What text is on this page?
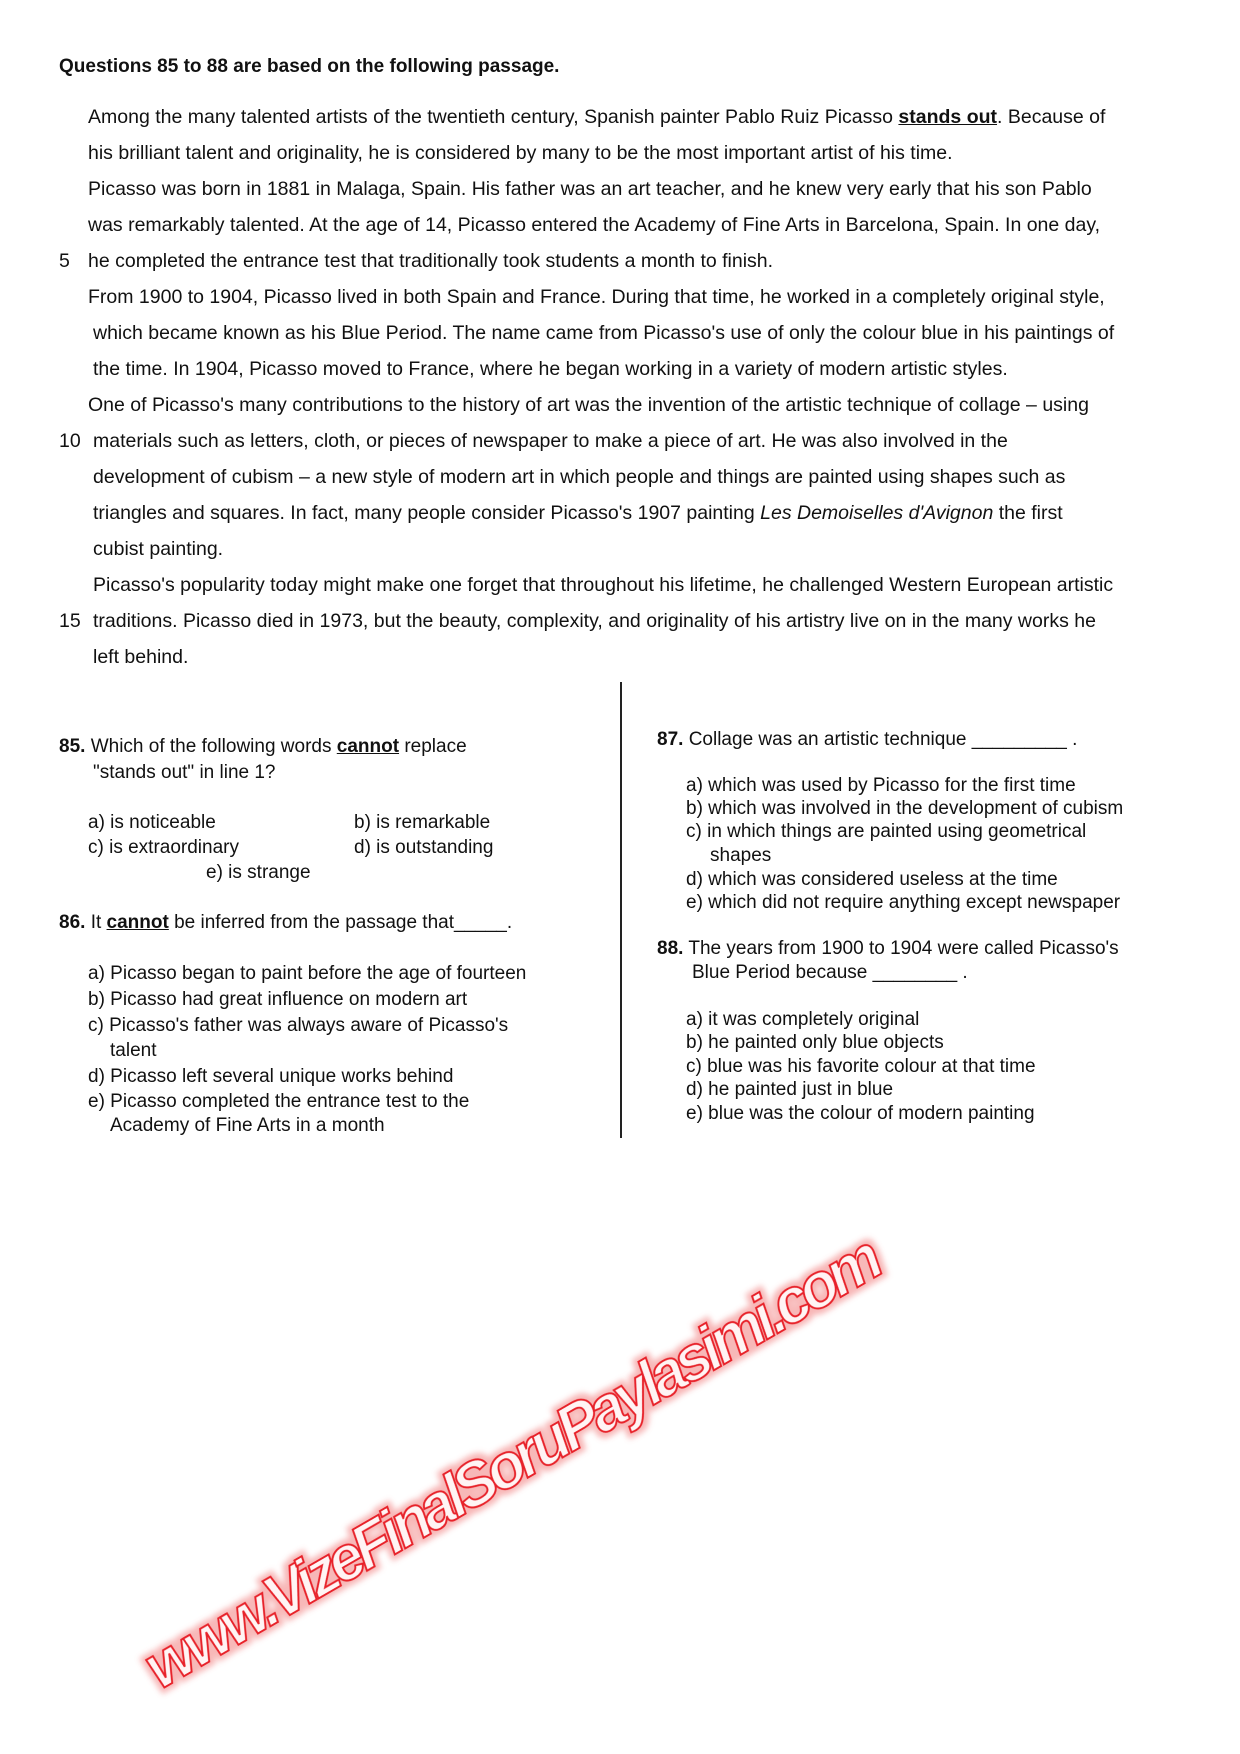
Questions 85 to 88 are based on the following passage.
Among the many talented artists of the twentieth century, Spanish painter Pablo Ruiz Picasso stands out. Because of
his brilliant talent and originality, he is considered by many to be the most important artist of his time.
Picasso was born in 1881 in Malaga, Spain. His father was an art teacher, and he knew very early that his son Pablo
was remarkably talented. At the age of 14, Picasso entered the Academy of Fine Arts in Barcelona, Spain. In one day,
5 he completed the entrance test that traditionally took students a month to finish.
From 1900 to 1904, Picasso lived in both Spain and France. During that time, he worked in a completely original style,
which became known as his Blue Period. The name came from Picasso's use of only the colour blue in his paintings of
the time. In 1904, Picasso moved to France, where he began working in a variety of modern artistic styles.
One of Picasso's many contributions to the history of art was the invention of the artistic technique of collage – using
10 materials such as letters, cloth, or pieces of newspaper to make a piece of art. He was also involved in the
development of cubism – a new style of modern art in which people and things are painted using shapes such as
triangles and squares. In fact, many people consider Picasso's 1907 painting Les Demoiselles d'Avignon the first
cubist painting.
Picasso's popularity today might make one forget that throughout his lifetime, he challenged Western European artistic
15 traditions. Picasso died in 1973, but the beauty, complexity, and originality of his artistry live on in the many works he
left behind.
85. Which of the following words cannot replace
"stands out" in line 1?
a) is noticeable	b) is remarkable
c) is extraordinary	d) is outstanding
e) is strange
86. It cannot be inferred from the passage that_____.
a) Picasso began to paint before the age of fourteen
b) Picasso had great influence on modern art
c) Picasso's father was always aware of Picasso's
talent
d) Picasso left several unique works behind
e) Picasso completed the entrance test to the
Academy of Fine Arts in a month
87. Collage was an artistic technique _________ .
a) which was used by Picasso for the first time
b) which was involved in the development of cubism
c) in which things are painted using geometrical
shapes
d) which was considered useless at the time
e) which did not require anything except newspaper
88. The years from 1900 to 1904 were called Picasso's
Blue Period because ________ .
a) it was completely original
b) he painted only blue objects
c) blue was his favorite colour at that time
d) he painted just in blue
e) blue was the colour of modern painting
www.VizeFinalSoruPaylasimi.com
